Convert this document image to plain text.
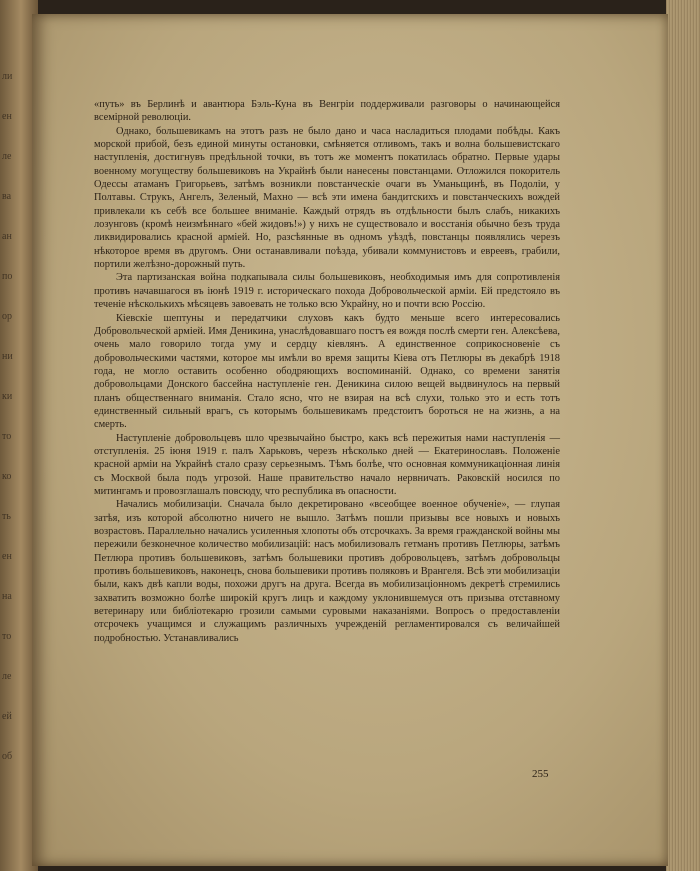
ли
ен
ле
ва
ан
по
ор
ни
ки
то
ко
ть
ен
на
то
ле
ей
об

«путь» въ Берлинѣ и авантюра Бэль-Куна въ Венгріи поддерживали разговоры о начинающейся всемірной революціи.

Однако, большевикамъ на этотъ разъ не было дано и часа насладиться плодами побѣды. Какъ морской прибой, безъ единой минуты остановки, смѣняется отливомъ, такъ и волна большевистскаго наступленія, достигнувъ предѣльной точки, въ тотъ же моментъ покатилась обратно. Первые удары военному могуществу большевиковъ на Украйнѣ были нанесены повстанцами. Отложился покоритель Одессы атаманъ Григорьевъ, затѣмъ возникли повстанческіе очаги въ Уманьщинѣ, въ Подоліи, у Полтавы. Струкъ, Ангелъ, Зеленый, Махно — всѣ эти имена бандитскихъ и повстанческихъ вождей привлекали къ себѣ все большее вниманіе. Каждый отрядъ въ отдѣльности былъ слабъ, никакихъ лозунговъ (кромѣ неизмѣннаго «бей жидовъ!») у нихъ не существовало и восстанія обычно безъ труда ликвидировались красной арміей. Но, разсѣянные въ одномъ уѣздѣ, повстанцы появлялись черезъ нѣкоторое время въ другомъ. Они останавливали поѣзда, убивали коммунистовъ и евреевъ, грабили, портили желѣзно-дорожный путь.

Эта партизанская война подкапывала силы большевиковъ, необходимыя имъ для сопротивленія противъ начавшагося въ іюнѣ 1919 г. историческаго похода Добровольческой арміи. Ей предстояло въ теченіе нѣсколькихъ мѣсяцевъ завоевать не только всю Украйну, но и почти всю Россію.

Кіевскіе шептуны и передатчики слуховъ какъ будто меньше всего интересовались Добровольческой арміей. Имя Деникина, унаслѣдовавшаго постъ ея вождя послѣ смерти ген. Алексѣева, очень мало говорило тогда уму и сердцу кіевлянъ. А единственное соприкосновеніе съ добровольческими частями, которое мы имѣли во время защиты Кіева отъ Петлюры въ декабрѣ 1918 года, не могло оставить особенно ободряющихъ воспоминаній. Однако, со времени занятія добровольцами Донского бассейна наступленіе ген. Деникина силою вещей выдвинулось на первый планъ общественнаго вниманія. Стало ясно, что не взирая на всѣ слухи, только это и есть тотъ единственный сильный врагъ, съ которымъ большевикамъ предстоитъ бороться не на жизнь, а на смерть.

Наступленіе добровольцевъ шло чрезвычайно быстро, какъ всѣ пережитыя нами наступленія — отступленія. 25 іюня 1919 г. палъ Харьковъ, черезъ нѣсколько дней — Екатеринославъ. Положеніе красной арміи на Украйнѣ стало сразу серьезнымъ. Тѣмъ болѣе, что основная коммуникаціонная линія съ Москвой была подъ угрозой. Наше правительство начало нервничать. Раковскій носился по митингамъ и провозглашалъ повсюду, что республика въ опасности.

Начались мобилизаціи. Сначала было декретировано «всеобщее военное обученіе», — глупая затѣя, изъ которой абсолютно ничего не вышло. Затѣмъ пошли призывы все новыхъ и новыхъ возрастовъ. Параллельно начались усиленныя хлопоты объ отсрочкахъ. За время гражданской войны мы пережили безконечное количество мобилизацій: насъ мобилизовалъ гетманъ противъ Петлюры, затѣмъ Петлюра противъ большевиковъ, затѣмъ большевики противъ добровольцевъ, затѣмъ добровольцы противъ большевиковъ, наконецъ, снова большевики противъ поляковъ и Врангеля. Всѣ эти мобилизаціи были, какъ двѣ капли воды, похожи другъ на друга. Всегда въ мобилизаціонномъ декретѣ стремились захватить возможно болѣе широкій кругъ лицъ и каждому уклонившемуся отъ призыва отставному ветеринару или библіотекарю грозили самыми суровыми наказаніями. Вопросъ о предоставленіи отсрочекъ учащимся и служащимъ различныхъ учрежденій регламентировался съ величайшей подробностью. Устанавливались

255
